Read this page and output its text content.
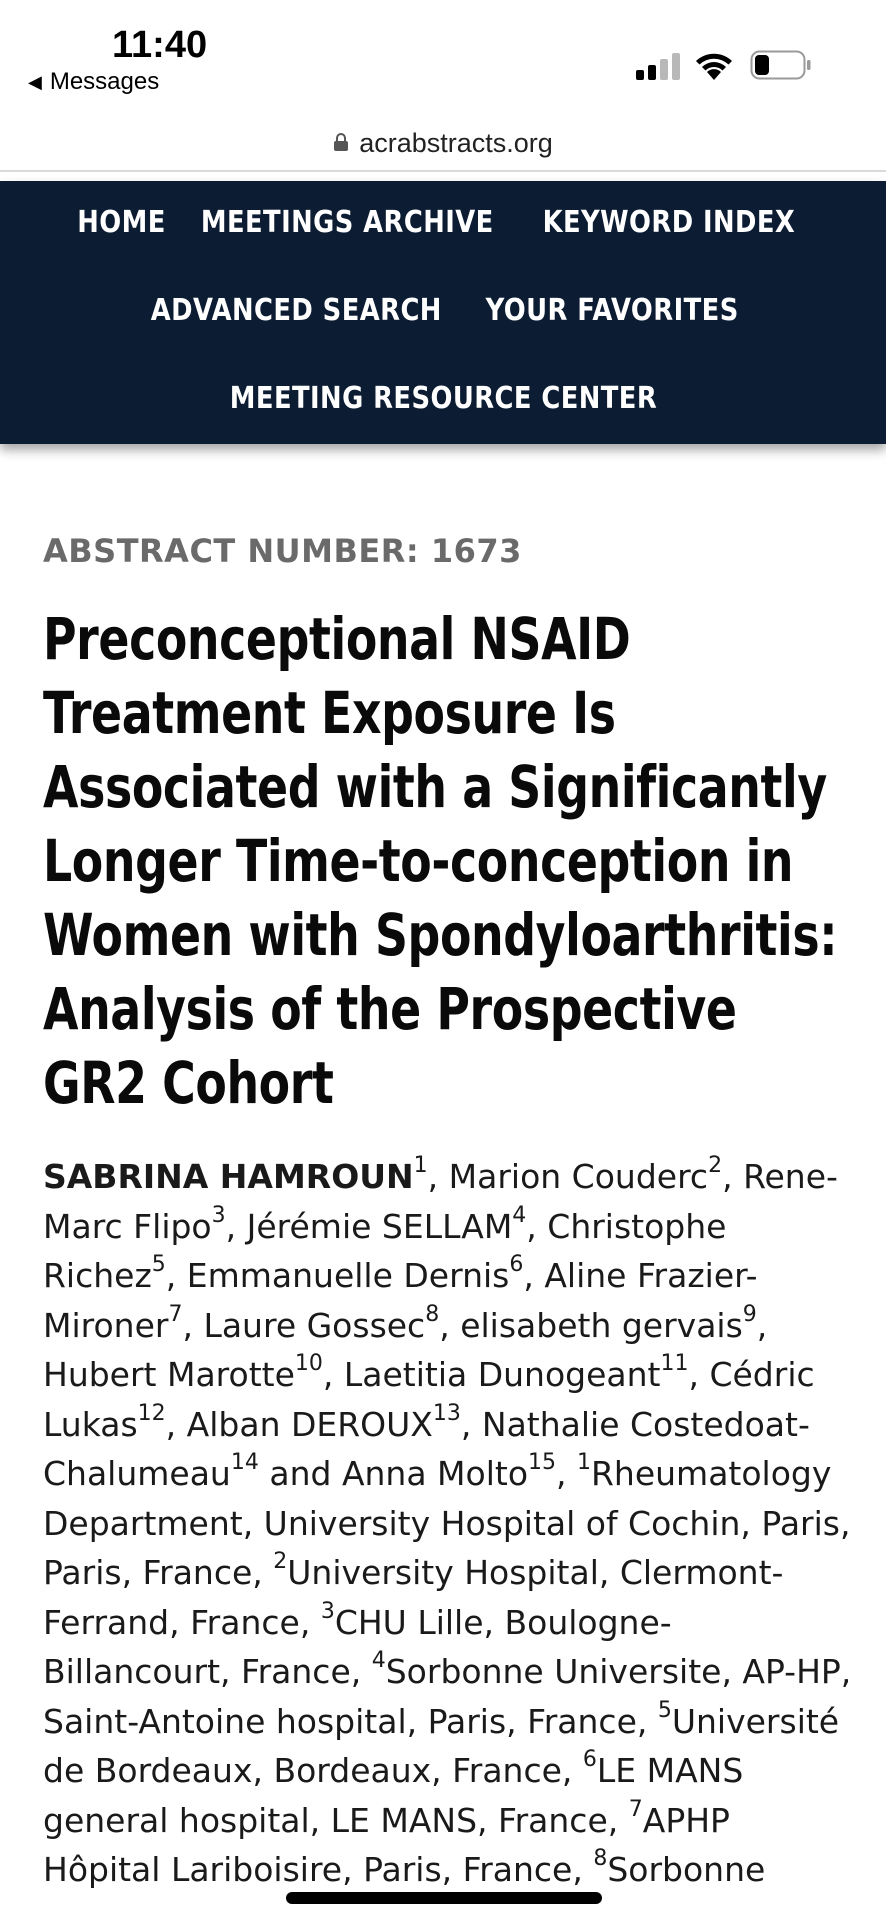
11:40
◀ Messages
acrabstracts.org
HOME MEETINGS ARCHIVE KEYWORD INDEX
ADVANCED SEARCH YOUR FAVORITES
MEETING RESOURCE CENTER
ABSTRACT NUMBER: 1673
Preconceptional NSAID Treatment Exposure Is Associated with a Significantly Longer Time-to-conception in Women with Spondyloarthritis: Analysis of the Prospective GR2 Cohort
SABRINA HAMROUN$^1$, Marion Couderc$^2$, Rene-Marc Flipo$^3$, Jérémie SELLAM$^4$, Christophe Richez$^5$, Emmanuelle Dernis$^6$, Aline Frazier-Mironer$^7$, Laure Gossec$^8$, elisabeth gervais$^9$, Hubert Marotte$^{10}$, Laetitia Dunogeant$^{11}$, Cédric Lukas$^{12}$, Alban DEROUX$^{13}$, Nathalie Costedoat-Chalumeau$^{14}$ and Anna Molto$^{15}$, $^1$Rheumatology Department, University Hospital of Cochin, Paris, Paris, France, $^2$University Hospital, Clermont-Ferrand, France, $^3$CHU Lille, Boulogne-Billancourt, France, $^4$Sorbonne Universite, AP-HP, Saint-Antoine hospital, Paris, France, $^5$Université de Bordeaux, Bordeaux, France, $^6$LE MANS general hospital, LE MANS, France, $^7$APHP Hôpital Lariboisire, Paris, France, $^8$Sorbonne
